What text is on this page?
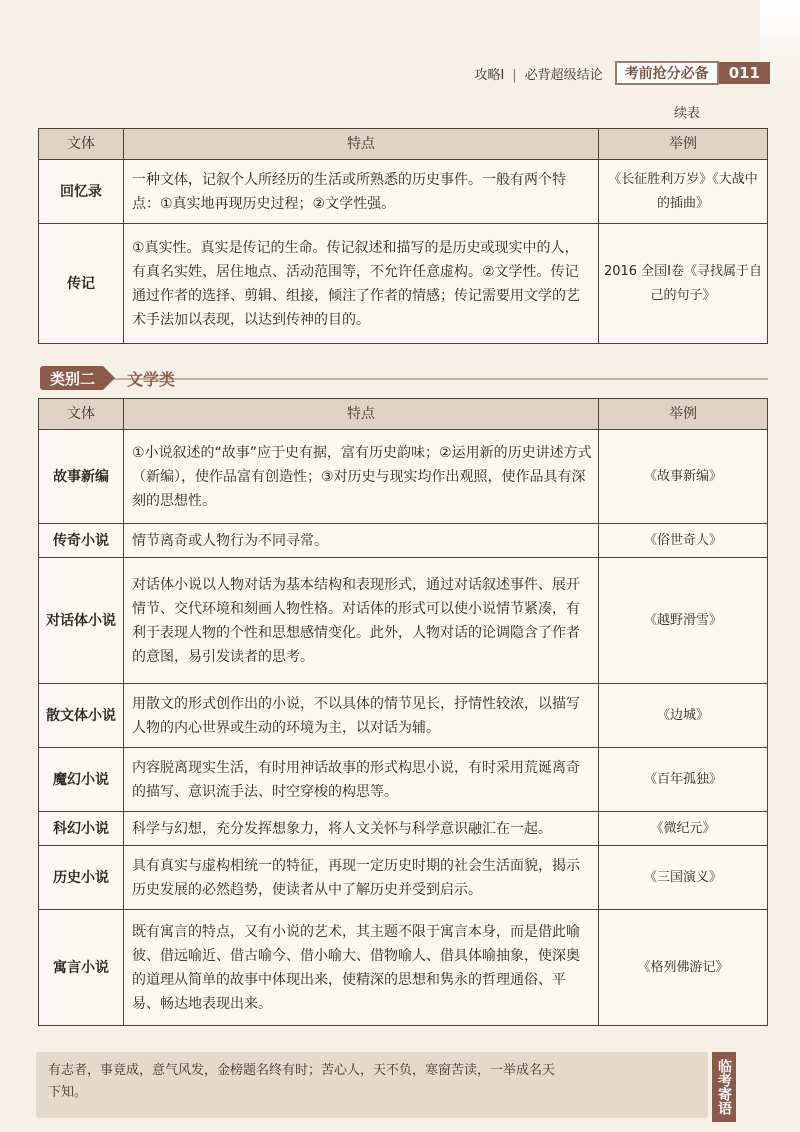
攻略Ⅰ | 必背超级结论	考前抢分必备	011
续表
文体	特点	举例
回忆录	一种文体，记叙个人所经历的生活或所熟悉的历史事件。一般有两个特点：①真实地再现历史过程；②文学性强。	《长征胜利万岁》《大战中的插曲》
传记	①真实性。真实是传记的生命。传记叙述和描写的是历史或现实中的人，有真名实姓、居住地点、活动范围等，不允许任意虚构。②文学性。传记通过作者的选择、剪辑、组接，倾注了作者的情感；传记需要用文学的艺术手法加以表现，以达到传神的目的。	2016 全国Ⅰ卷《寻找属于自己的句子》
类别二	文学类
文体	特点	举例
故事新编	①小说叙述的“故事”应于史有据，富有历史韵味；②运用新的历史讲述方式（新编），使作品富有创造性；③对历史与现实均作出观照，使作品具有深刻的思想性。	《故事新编》
传奇小说	情节离奇或人物行为不同寻常。	《俗世奇人》
对话体小说	对话体小说以人物对话为基本结构和表现形式，通过对话叙述事件、展开情节、交代环境和刻画人物性格。对话体的形式可以使小说情节紧凑，有利于表现人物的个性和思想感情变化。此外，人物对话的论调隐含了作者的意图，易引发读者的思考。	《越野滑雪》
散文体小说	用散文的形式创作出的小说，不以具体的情节见长，抒情性较浓，以描写人物的内心世界或生动的环境为主，以对话为辅。	《边城》
魔幻小说	内容脱离现实生活，有时用神话故事的形式构思小说，有时采用荒诞离奇的描写、意识流手法、时空穿梭的构思等。	《百年孤独》
科幻小说	科学与幻想，充分发挥想象力，将人文关怀与科学意识融汇在一起。	《微纪元》
历史小说	具有真实与虚构相统一的特征，再现一定历史时期的社会生活面貌，揭示历史发展的必然趋势，使读者从中了解历史并受到启示。	《三国演义》
寓言小说	既有寓言的特点，又有小说的艺术，其主题不限于寓言本身，而是借此喻彼、借远喻近、借古喻今、借小喻大、借物喻人、借具体喻抽象，使深奥的道理从简单的故事中体现出来，使精深的思想和隽永的哲理通俗、平易、畅达地表现出来。	《格列佛游记》
有志者，事竟成，意气风发，金榜题名终有时；苦心人，天不负，寒窗苦读，一举成名天
下知。	临考寄语
